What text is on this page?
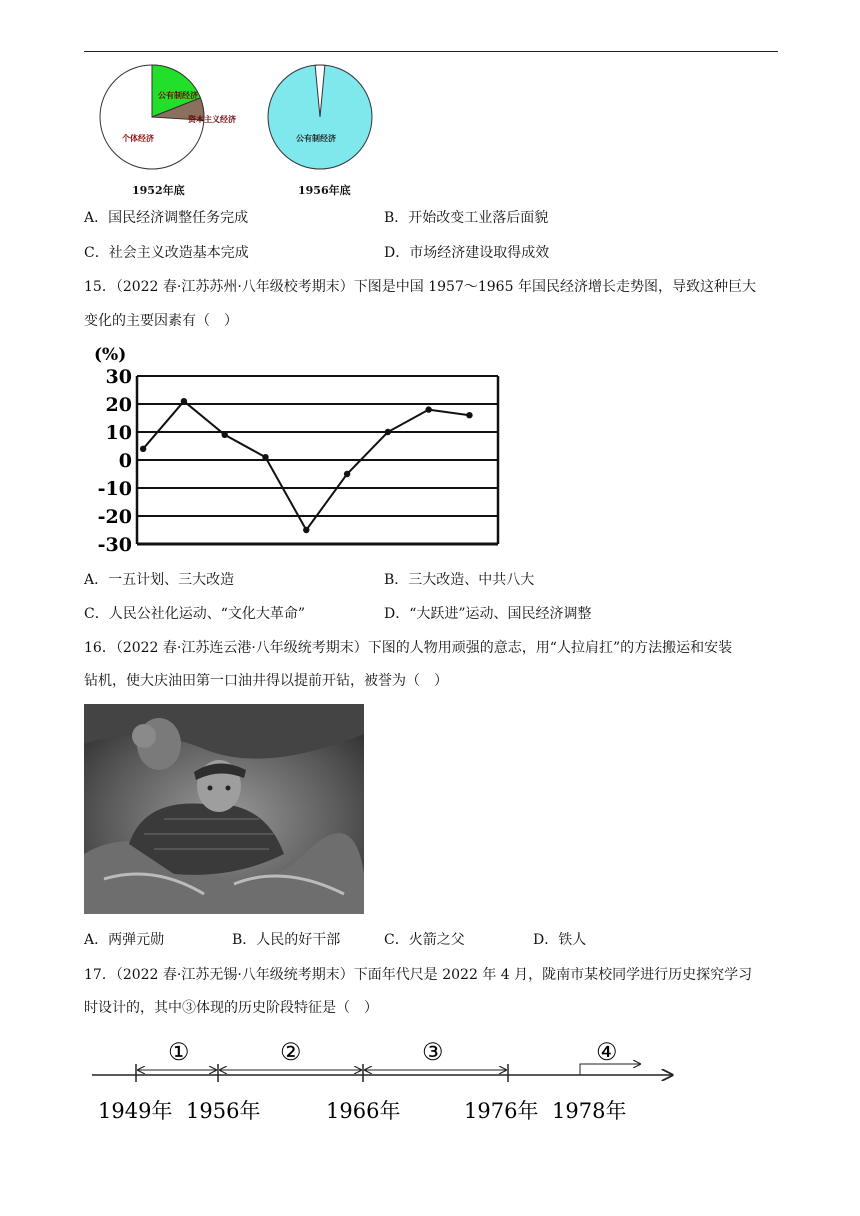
公有制经济
资本主义经济
个体经济
1952年底
公有制经济
1956年底
A．国民经济调整任务完成	B．开始改变工业落后面貌
C．社会主义改造基本完成	D．市场经济建设取得成效
15．（2022 春·江苏苏州·八年级校考期末）下图是中国 1957～1965 年国民经济增长走势图，导致这种巨大
变化的主要因素有（　）
(%)
30
20
10
0
-10
-20
-30
A．一五计划、三大改造	B．三大改造、中共八大
C．人民公社化运动、“文化大革命”	D．“大跃进”运动、国民经济调整
16．（2022 春·江苏连云港·八年级统考期末）下图的人物用顽强的意志，用“人拉肩扛”的方法搬运和安装
钻机，使大庆油田第一口油井得以提前开钻，被誉为（　）
A．两弹元勋	B．人民的好干部	C．火箭之父	D．铁人
17．（2022 春·江苏无锡·八年级统考期末）下面年代尺是 2022 年 4 月，陇南市某校同学进行历史探究学习
时设计的，其中③体现的历史阶段特征是（　）
①	②	③	④
1949年 1956年	1966年	1976年 1978年
